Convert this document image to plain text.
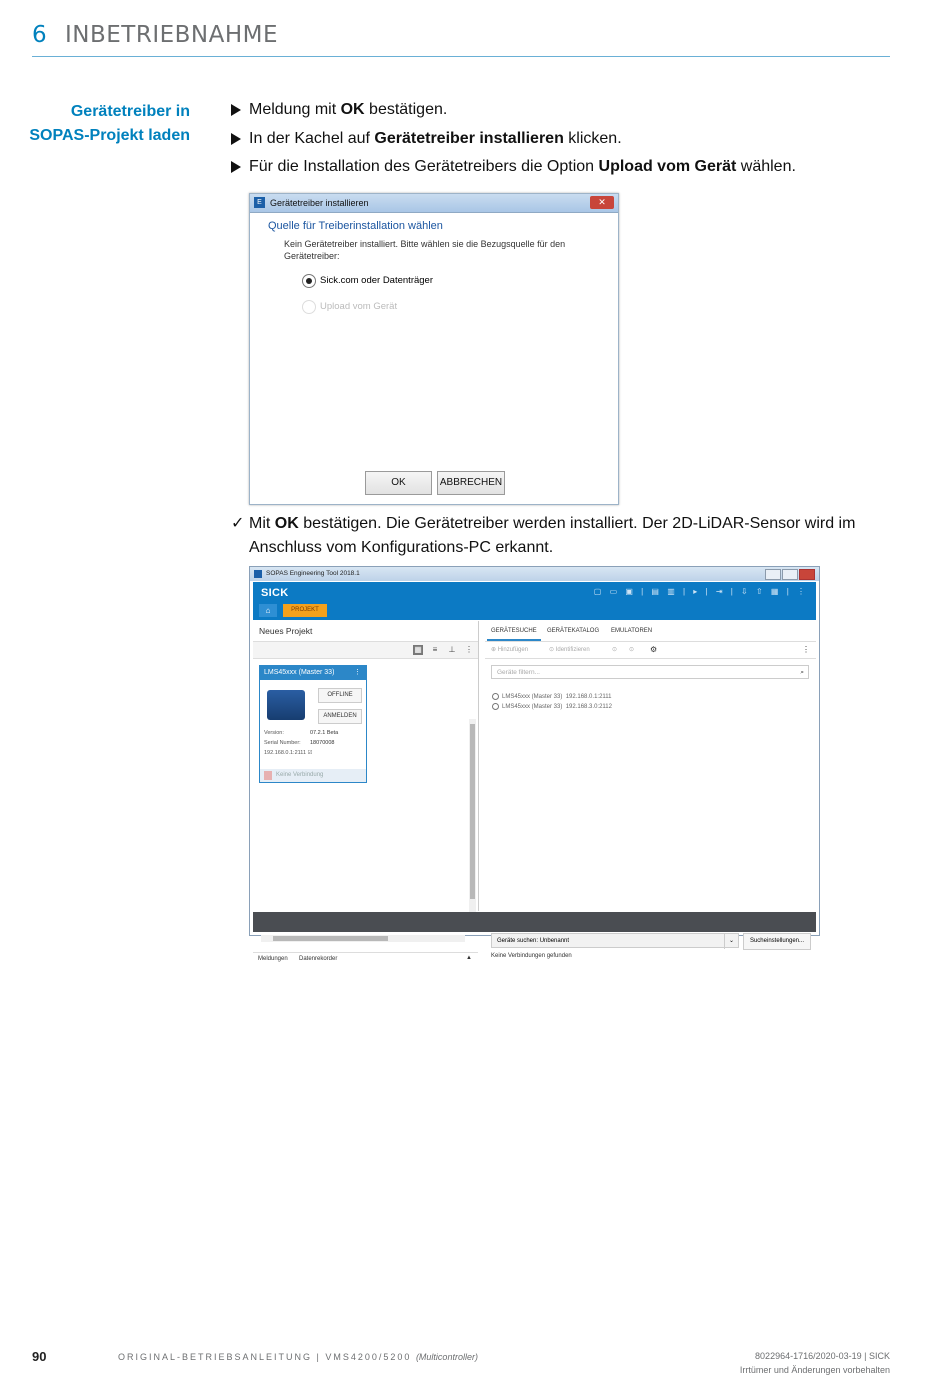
6 INBETRIEBNAHME
Gerätetreiber in
SOPAS-Projekt laden
Meldung mit OK bestätigen.
In der Kachel auf Gerätetreiber installieren klicken.
Für die Installation des Gerätetreibers die Option Upload vom Gerät wählen.
E Gerätetreiber installieren	✕
Quelle für Treiberinstallation wählen
Kein Gerätetreiber installiert. Bitte wählen sie die Bezugsquelle für den
Gerätetreiber:
Sick.com oder Datenträger
Upload vom Gerät
OK	ABBRECHEN
✓ Mit OK bestätigen. Die Gerätetreiber werden installiert. Der 2D-LiDAR-Sensor wird im
Anschluss vom Konfigurations-PC erkannt.
SOPAS Engineering Tool 2018.1
SICK	▢ ▭ ▣ | ▤ ▥ | ▸ | ⇥ | ⇩ ⇧ ▦ | ⋮
⌂	PROJEKT
Neues Projekt
▦	≡	⊥ ⋮
LMS45xxx (Master 33)	⋮
OFFLINE
ANMELDEN
Version:	07.2.1 Beta
Serial Number: 18070008
192.168.0.1:2111 ☑
Keine Verbindung
Meldungen Datenrekorder	▲
GERÄTESUCHE	GERÄTEKATALOG	EMULATOREN
⊕ Hinzufügen	⊙ Identifizieren	⊙ ⊙ ⚙	⋮
Geräte filtern...	⌕
LMS45xxx (Master 33) 192.168.0.1:2111
LMS45xxx (Master 33) 192.168.3.0:2112
Geräte suchen: Unbenannt	⌄	Sucheinstellungen...
Keine Verbindungen gefunden
90	ORIGINAL-BETRIEBSANLEITUNG | VMS4200/5200 (Multicontroller)	8022964-1716/2020-03-19 | SICK
Irrtümer und Änderungen vorbehalten
